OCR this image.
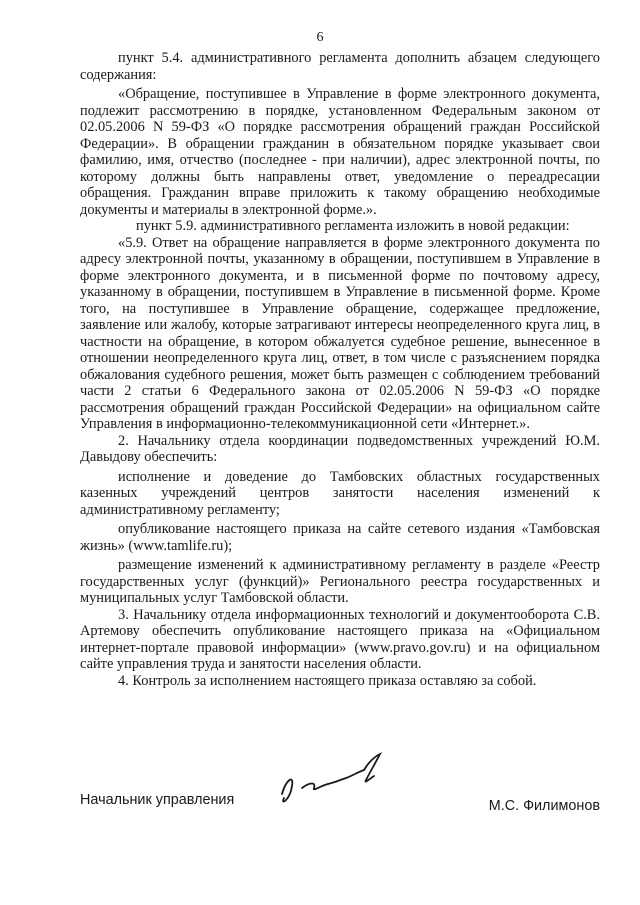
6

пункт 5.4. административного регламента дополнить абзацем следующего содержания:

«Обращение, поступившее в Управление в форме электронного документа, подлежит рассмотрению в порядке, установленном Федеральным законом от 02.05.2006 N 59-ФЗ «О порядке рассмотрения обращений граждан Российской Федерации». В обращении гражданин в обязательном порядке указывает свои фамилию, имя, отчество (последнее - при наличии), адрес электронной почты, по которому должны быть направлены ответ, уведомление о переадресации обращения. Гражданин вправе приложить к такому обращению необходимые документы и материалы в электронной форме.».

пункт 5.9. административного регламента изложить в новой редакции:

«5.9. Ответ на обращение направляется в форме электронного документа по адресу электронной почты, указанному в обращении, поступившем в Управление в форме электронного документа, и в письменной форме по почтовому адресу, указанному в обращении, поступившем в Управление в письменной форме. Кроме того, на поступившее в Управление обращение, содержащее предложение, заявление или жалобу, которые затрагивают интересы неопределенного круга лиц, в частности на обращение, в котором обжалуется судебное решение, вынесенное в отношении неопределенного круга лиц, ответ, в том числе с разъяснением порядка обжалования судебного решения, может быть размещен с соблюдением требований части 2 статьи 6 Федерального закона от 02.05.2006 N 59-ФЗ «О порядке рассмотрения обращений граждан Российской Федерации» на официальном сайте Управления в информационно-телекоммуникационной сети «Интернет.».

2. Начальнику отдела координации подведомственных учреждений Ю.М. Давыдову обеспечить:

исполнение и доведение до Тамбовских областных государственных казенных учреждений центров занятости населения изменений к административному регламенту;

опубликование настоящего приказа на сайте сетевого издания «Тамбовская жизнь» (www.tamlife.ru);

размещение изменений к административному регламенту в разделе «Реестр государственных услуг (функций)» Регионального реестра государственных и муниципальных услуг Тамбовской области.

3. Начальнику отдела информационных технологий и документооборота С.В. Артемову обеспечить опубликование настоящего приказа на «Официальном интернет-портале правовой информации» (www.pravo.gov.ru) и на официальном сайте управления труда и занятости населения области.

4. Контроль за исполнением настоящего приказа оставляю за собой.

Начальник управления	М.С. Филимонов
